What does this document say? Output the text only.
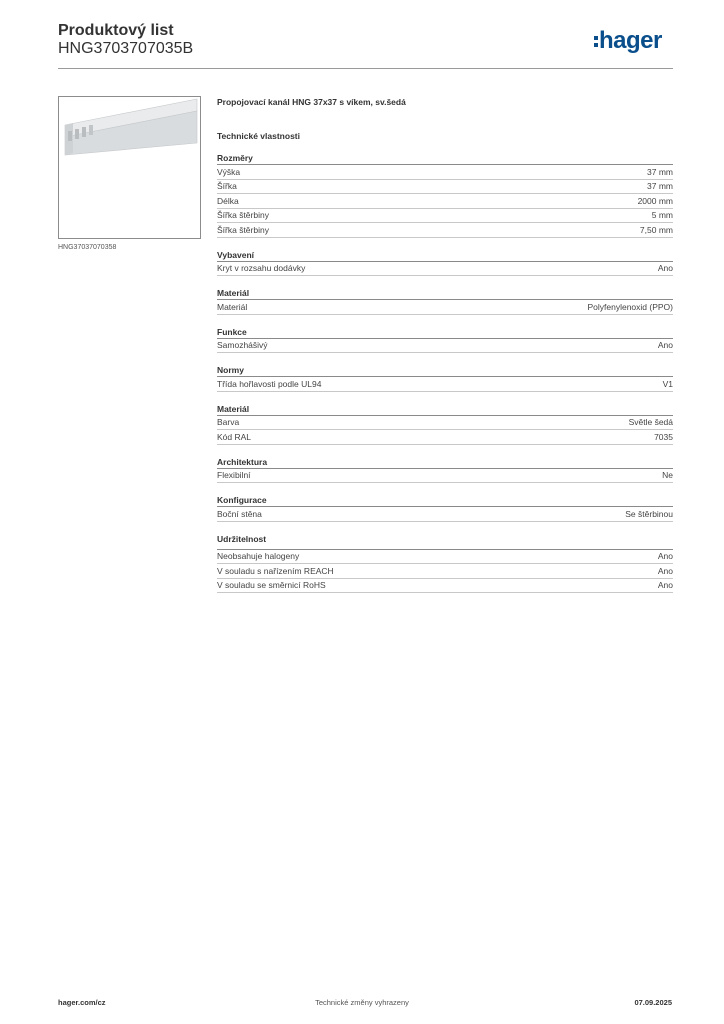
Produktový list
HNG3703707035B	hager
HNG37037070358
Propojovací kanál HNG 37x37 s víkem, sv.šedá
Technické vlastnosti
Rozměry
Výška	37 mm
Šířka	37 mm
Délka	2000 mm
Šířka štěrbiny	5 mm
Šířka štěrbiny	7,50 mm
Vybavení
Kryt v rozsahu dodávky	Ano
Materiál
Materiál	Polyfenylenoxid (PPO)
Funkce
Samozhášivý	Ano
Normy
Třída hořlavosti podle UL94	V1
Materiál
Barva	Světle šedá
Kód RAL	7035
Architektura
Flexibilní	Ne
Konfigurace
Boční stěna	Se štěrbinou
Udržitelnost
Neobsahuje halogeny	Ano
V souladu s nařízením REACH	Ano
V souladu se směrnicí RoHS	Ano
hager.com/cz	Technické změny vyhrazeny	07.09.2025
